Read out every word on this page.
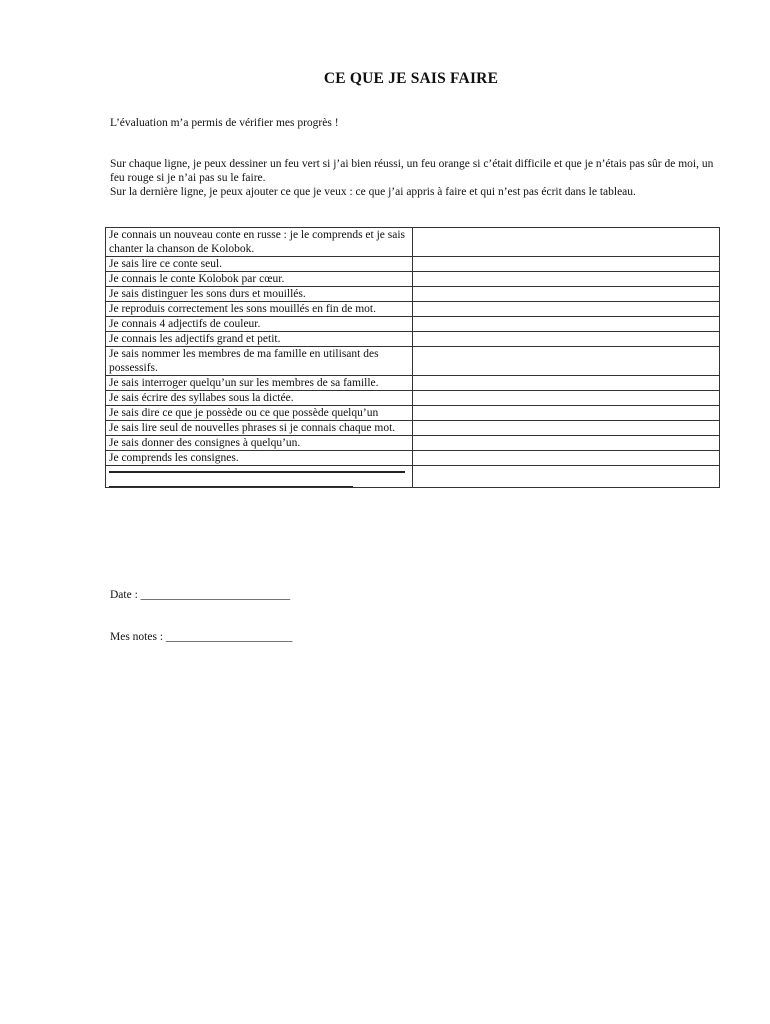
CE QUE JE SAIS FAIRE
L’évaluation m’a permis de vérifier mes progrès !

Sur chaque ligne, je peux dessiner un feu vert si j’ai bien réussi, un feu orange si c’était difficile et que je n’étais pas sûr de moi, un feu rouge si je n’ai pas su le faire.

Sur la dernière ligne, je peux ajouter ce que je veux : ce que j’ai appris à faire et qui n’est pas écrit dans le tableau.

Je connais un nouveau conte en russe : je le comprends et je sais chanter la chanson de Kolobok.	
Je sais lire ce conte seul.	
Je connais le conte Kolobok par cœur.	
Je sais distinguer les sons durs et mouillés.	
Je reproduis correctement les sons mouillés en fin de mot.	
Je connais 4 adjectifs de couleur.	
Je connais les adjectifs grand et petit.	
Je sais nommer les membres de ma famille en utilisant des possessifs.	
Je sais interroger quelqu’un sur les membres de sa famille.	
Je sais écrire des syllabes sous la dictée.	
Je sais dire ce que je possède ou ce que possède quelqu’un	
Je sais lire seul de nouvelles phrases si je connais chaque mot.	
Je sais donner des consignes à quelqu’un.	
Je comprends les consignes.	

Date : __________________________
Mes notes : ______________________
